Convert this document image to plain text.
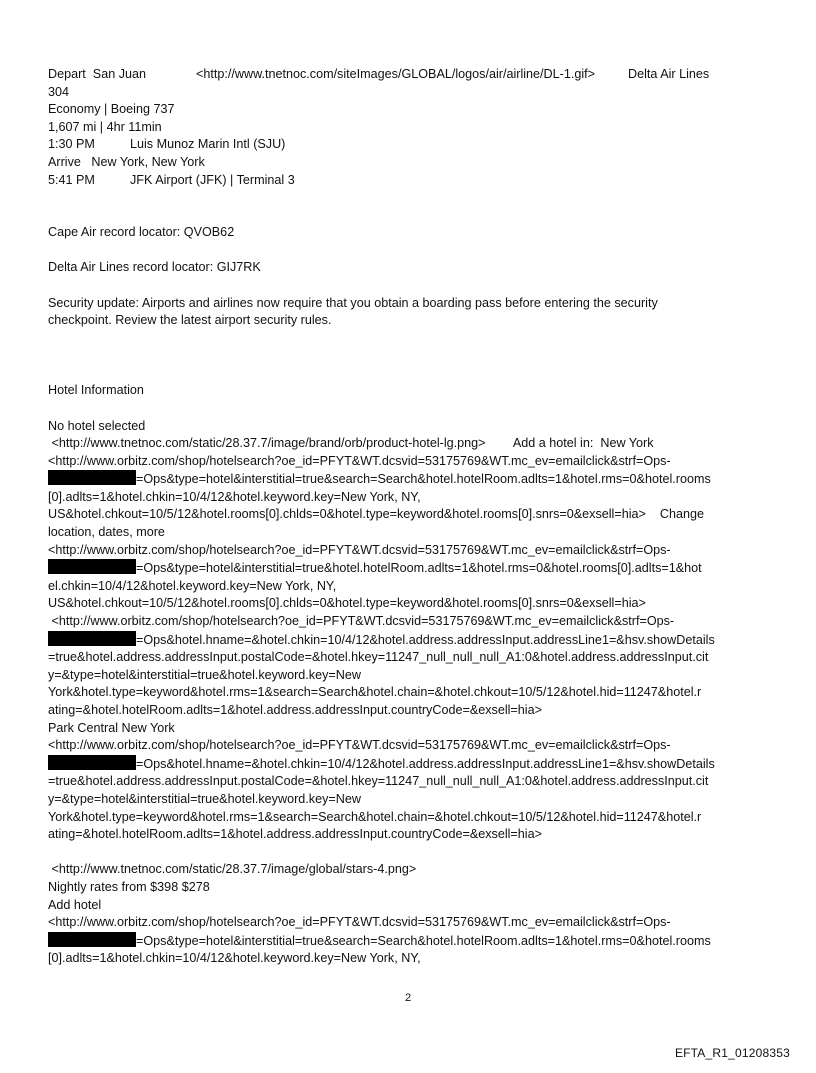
Depart  San Juan	<http://www.tnetnoc.com/siteImages/GLOBAL/logos/air/airline/DL-1.gif>	Delta Air Lines
304
Economy | Boeing 737
1,607 mi | 4hr 11min
1:30 PM	Luis Munoz Marin Intl (SJU)
Arrive   New York, New York
5:41 PM	JFK Airport (JFK) | Terminal 3
Cape Air record locator: QVOB62
Delta Air Lines record locator: GIJ7RK
Security update: Airports and airlines now require that you obtain a boarding pass before entering the security
checkpoint. Review the latest airport security rules.
Hotel Information
No hotel selected
<http://www.tnetnoc.com/static/28.37.7/image/brand/orb/product-hotel-lg.png>        Add a hotel in:  New York
<http://www.orbitz.com/shop/hotelsearch?oe_id=PFYT&WT.dcsvid=53175769&WT.mc_ev=emailclick&strf=Ops-
=Ops&type=hotel&interstitial=true&search=Search&hotel.hotelRoom.adlts=1&hotel.rms=0&hotel.rooms
[0].adlts=1&hotel.chkin=10/4/12&hotel.keyword.key=New York, NY,
US&hotel.chkout=10/5/12&hotel.rooms[0].chlds=0&hotel.type=keyword&hotel.rooms[0].snrs=0&exsell=hia>    Change
location, dates, more
<http://www.orbitz.com/shop/hotelsearch?oe_id=PFYT&WT.dcsvid=53175769&WT.mc_ev=emailclick&strf=Ops-
=Ops&type=hotel&interstitial=true&hotel.hotelRoom.adlts=1&hotel.rms=0&hotel.rooms[0].adlts=1&hot
el.chkin=10/4/12&hotel.keyword.key=New York, NY,
US&hotel.chkout=10/5/12&hotel.rooms[0].chlds=0&hotel.type=keyword&hotel.rooms[0].snrs=0&exsell=hia>
<http://www.orbitz.com/shop/hotelsearch?oe_id=PFYT&WT.dcsvid=53175769&WT.mc_ev=emailclick&strf=Ops-
=Ops&hotel.hname=&hotel.chkin=10/4/12&hotel.address.addressInput.addressLine1=&hsv.showDetails
=true&hotel.address.addressInput.postalCode=&hotel.hkey=11247_null_null_null_A1:0&hotel.address.addressInput.cit
y=&type=hotel&interstitial=true&hotel.keyword.key=New
York&hotel.type=keyword&hotel.rms=1&search=Search&hotel.chain=&hotel.chkout=10/5/12&hotel.hid=11247&hotel.r
ating=&hotel.hotelRoom.adlts=1&hotel.address.addressInput.countryCode=&exsell=hia>
Park Central New York
<http://www.orbitz.com/shop/hotelsearch?oe_id=PFYT&WT.dcsvid=53175769&WT.mc_ev=emailclick&strf=Ops-
=Ops&hotel.hname=&hotel.chkin=10/4/12&hotel.address.addressInput.addressLine1=&hsv.showDetails
=true&hotel.address.addressInput.postalCode=&hotel.hkey=11247_null_null_null_A1:0&hotel.address.addressInput.cit
y=&type=hotel&interstitial=true&hotel.keyword.key=New
York&hotel.type=keyword&hotel.rms=1&search=Search&hotel.chain=&hotel.chkout=10/5/12&hotel.hid=11247&hotel.r
ating=&hotel.hotelRoom.adlts=1&hotel.address.addressInput.countryCode=&exsell=hia>
<http://www.tnetnoc.com/static/28.37.7/image/global/stars-4.png>
Nightly rates from $398 $278
Add hotel
<http://www.orbitz.com/shop/hotelsearch?oe_id=PFYT&WT.dcsvid=53175769&WT.mc_ev=emailclick&strf=Ops-
=Ops&type=hotel&interstitial=true&search=Search&hotel.hotelRoom.adlts=1&hotel.rms=0&hotel.rooms
[0].adlts=1&hotel.chkin=10/4/12&hotel.keyword.key=New York, NY,
2
EFTA_R1_01208353
